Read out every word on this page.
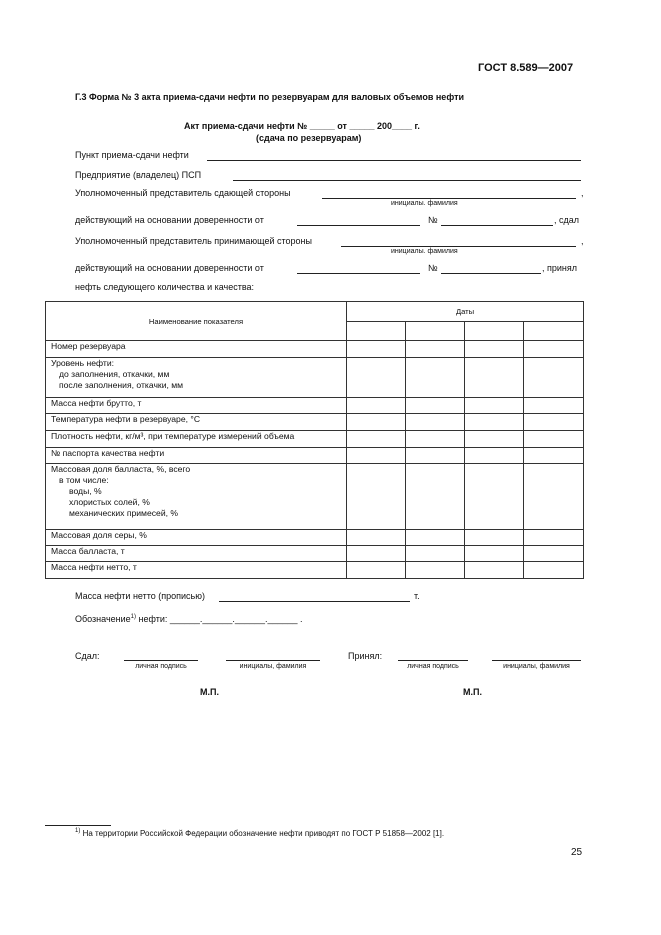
ГОСТ 8.589—2007
Г.3 Форма № 3 акта приема-сдачи нефти по резервуарам для валовых объемов нефти
Акт приема-сдачи нефти № _____ от _____ 200____ г.
(сдача по резервуарам)
Пункт приема-сдачи нефти
Предприятие (владелец) ПСП
Уполномоченный представитель сдающей стороны	,
инициалы. фамилия
действующий на основании доверенности от	№	, сдал
Уполномоченный представитель принимающей стороны	,
инициалы. фамилия
действующий на основании доверенности от	№	, принял
нефть следующего количества и качества:
Наименование показателя	Даты			

Номер резервуара				

Уровень нефти:
до заполнения, откачки, мм
после заполнения, откачки, мм				

Масса нефти брутто, т				
Температура нефти в резервуаре, °С				
Плотность нефти, кг/м³, при температуре измерений объема				
№ паспорта качества нефти				

Массовая доля балласта, %, всего
в том числе:
воды, %
хлористых солей, %
механических примесей, %				

Массовая доля серы, %				
Масса балласта, т				
Масса нефти нетто, т				
Масса нефти нетто (прописью)	т.
Обозначение$^{1)}$ нефти: ______.______.______.______ .
Сдал:
личная подпись	инициалы, фамилия
Принял:
личная подпись	инициалы, фамилия
М.П.	М.П.
$^{1)}$ На территории Российской Федерации обозначение нефти приводят по ГОСТ Р 51858—2002 [1].
25
